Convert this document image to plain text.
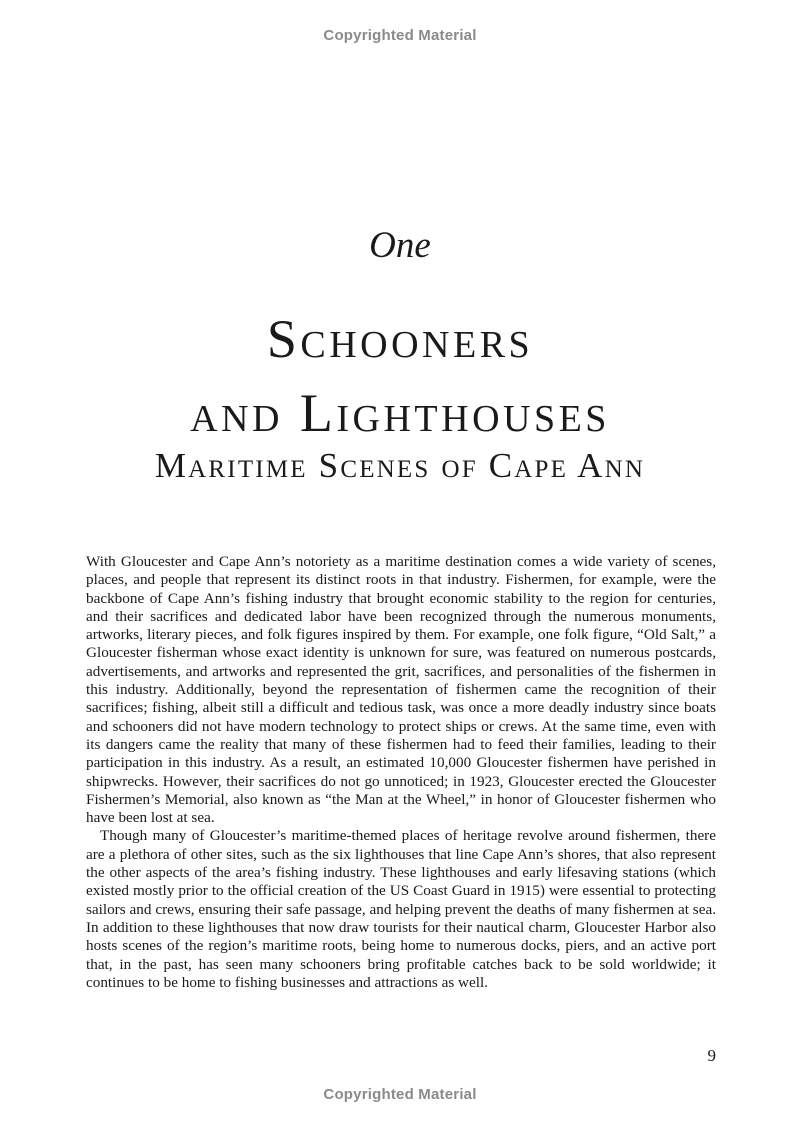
Copyrighted Material
One
Schooners
and Lighthouses
Maritime Scenes of Cape Ann

With Gloucester and Cape Ann’s notoriety as a maritime destination comes a wide variety of scenes, places, and people that represent its distinct roots in that industry. Fishermen, for example, were the backbone of Cape Ann’s fishing industry that brought economic stability to the region for centuries, and their sacrifices and dedicated labor have been recognized through the numerous monuments, artworks, literary pieces, and folk figures inspired by them. For example, one folk figure, “Old Salt,” a Gloucester fisherman whose exact identity is unknown for sure, was featured on numerous postcards, advertisements, and artworks and represented the grit, sacrifices, and personalities of the fishermen in this industry. Additionally, beyond the representation of fishermen came the recognition of their sacrifices; fishing, albeit still a difficult and tedious task, was once a more deadly industry since boats and schooners did not have modern technology to protect ships or crews. At the same time, even with its dangers came the reality that many of these fishermen had to feed their families, leading to their participation in this industry. As a result, an estimated 10,000 Gloucester fishermen have perished in shipwrecks. However, their sacrifices do not go unnoticed; in 1923, Gloucester erected the Gloucester Fishermen’s Memorial, also known as “the Man at the Wheel,” in honor of Gloucester fishermen who have been lost at sea.

Though many of Gloucester’s maritime-themed places of heritage revolve around fishermen, there are a plethora of other sites, such as the six lighthouses that line Cape Ann’s shores, that also represent the other aspects of the area’s fishing industry. These lighthouses and early lifesaving stations (which existed mostly prior to the official creation of the US Coast Guard in 1915) were essential to protecting sailors and crews, ensuring their safe passage, and helping prevent the deaths of many fishermen at sea. In addition to these lighthouses that now draw tourists for their nautical charm, Gloucester Harbor also hosts scenes of the region’s maritime roots, being home to numerous docks, piers, and an active port that, in the past, has seen many schooners bring profitable catches back to be sold worldwide; it continues to be home to fishing businesses and attractions as well.

9
Copyrighted Material
